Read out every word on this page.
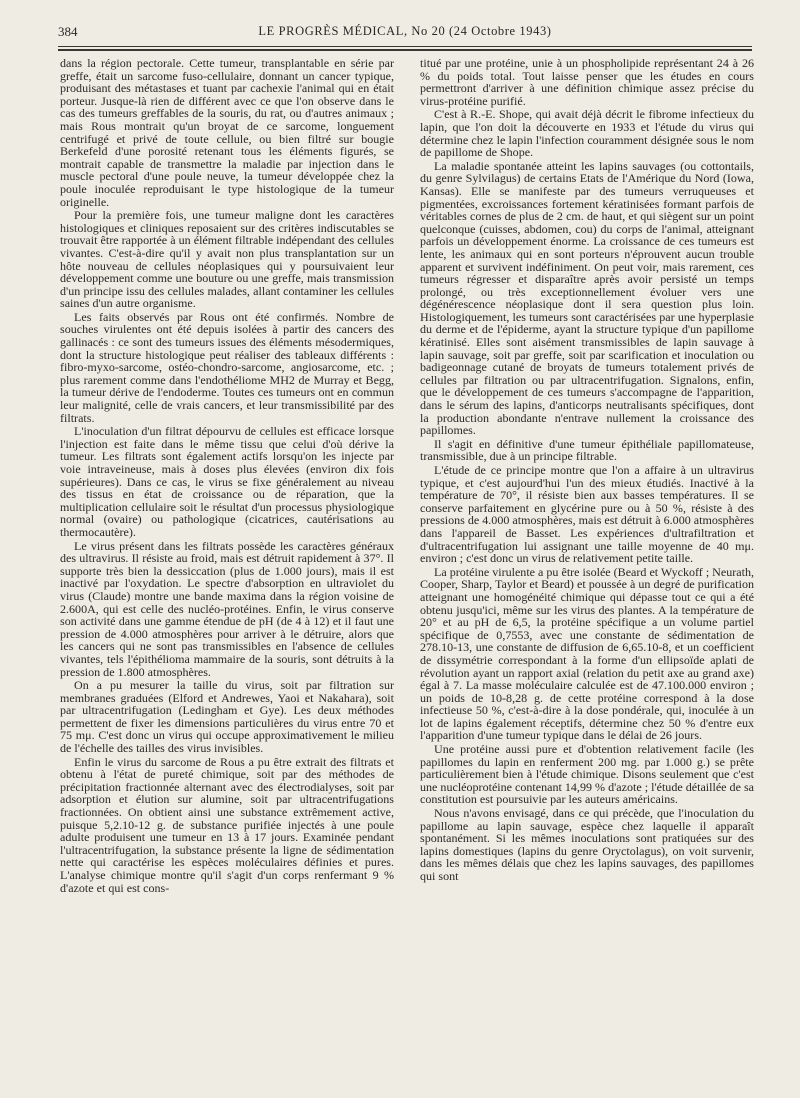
384	LE PROGRÈS MÉDICAL, No 20 (24 Octobre 1943)

dans la région pectorale. Cette tumeur, transplantable en série par greffe, était un sarcome fuso-cellulaire, donnant un cancer typique, produisant des métastases et tuant par cachexie l'animal qui en était porteur. Jusque-là rien de différent avec ce que l'on observe dans le cas des tumeurs greffables de la souris, du rat, ou d'autres animaux ; mais Rous montrait qu'un broyat de ce sarcome, longuement centrifugé et privé de toute cellule, ou bien filtré sur bougie Berkefeld d'une porosité retenant tous les éléments figurés, se montrait capable de transmettre la maladie par injection dans le muscle pectoral d'une poule neuve, la tumeur développée chez la poule inoculée reproduisant le type histologique de la tumeur originelle.

Pour la première fois, une tumeur maligne dont les caractères histologiques et cliniques reposaient sur des critères indiscutables se trouvait être rapportée à un élément filtrable indépendant des cellules vivantes. C'est-à-dire qu'il y avait non plus transplantation sur un hôte nouveau de cellules néoplasiques qui y poursuivaient leur développement comme une bouture ou une greffe, mais transmission d'un principe issu des cellules malades, allant contaminer les cellules saines d'un autre organisme.

Les faits observés par Rous ont été confirmés. Nombre de souches virulentes ont été depuis isolées à partir des cancers des gallinacés : ce sont des tumeurs issues des éléments mésodermiques, dont la structure histologique peut réaliser des tableaux différents : fibro-myxo-sarcome, ostéo-chondro-sarcome, angiosarcome, etc. ; plus rarement comme dans l'endothéliome MH2 de Murray et Begg, la tumeur dérive de l'endoderme. Toutes ces tumeurs ont en commun leur malignité, celle de vrais cancers, et leur transmissibilité par des filtrats.

L'inoculation d'un filtrat dépourvu de cellules est efficace lorsque l'injection est faite dans le même tissu que celui d'où dérive la tumeur. Les filtrats sont également actifs lorsqu'on les injecte par voie intraveineuse, mais à doses plus élevées (environ dix fois supérieures). Dans ce cas, le virus se fixe généralement au niveau des tissus en état de croissance ou de réparation, que la multiplication cellulaire soit le résultat d'un processus physiologique normal (ovaire) ou pathologique (cicatrices, cautérisations au thermocautère).

Le virus présent dans les filtrats possède les caractères généraux des ultravirus. Il résiste au froid, mais est détruit rapidement à 37°. Il supporte très bien la dessiccation (plus de 1.000 jours), mais il est inactivé par l'oxydation. Le spectre d'absorption en ultraviolet du virus (Claude) montre une bande maxima dans la région voisine de 2.600A, qui est celle des nucléo-protéines. Enfin, le virus conserve son activité dans une gamme étendue de pH (de 4 à 12) et il faut une pression de 4.000 atmosphères pour arriver à le détruire, alors que les cancers qui ne sont pas transmissibles en l'absence de cellules vivantes, tels l'épithélioma mammaire de la souris, sont détruits à la pression de 1.800 atmosphères.

On a pu mesurer la taille du virus, soit par filtration sur membranes graduées (Elford et Andrewes, Yaoi et Nakahara), soit par ultracentrifugation (Ledingham et Gye). Les deux méthodes permettent de fixer les dimensions particulières du virus entre 70 et 75 mμ. C'est donc un virus qui occupe approximativement le milieu de l'échelle des tailles des virus invisibles.

Enfin le virus du sarcome de Rous a pu être extrait des filtrats et obtenu à l'état de pureté chimique, soit par des méthodes de précipitation fractionnée alternant avec des électrodialyses, soit par adsorption et élution sur alumine, soit par ultracentrifugations fractionnées. On obtient ainsi une substance extrêmement active, puisque 5,2.10-12 g. de substance purifiée injectés à une poule adulte produisent une tumeur en 13 à 17 jours. Examinée pendant l'ultracentrifugation, la substance présente la ligne de sédimentation nette qui caractérise les espèces moléculaires définies et pures. L'analyse chimique montre qu'il s'agit d'un corps renfermant 9 % d'azote et qui est cons-

titué par une protéine, unie à un phospholipide représentant 24 à 26 % du poids total. Tout laisse penser que les études en cours permettront d'arriver à une définition chimique assez précise du virus-protéine purifié.

C'est à R.-E. Shope, qui avait déjà décrit le fibrome infectieux du lapin, que l'on doit la découverte en 1933 et l'étude du virus qui détermine chez le lapin l'infection couramment désignée sous le nom de papillome de Shope.

La maladie spontanée atteint les lapins sauvages (ou cottontails, du genre Sylvilagus) de certains Etats de l'Amérique du Nord (Iowa, Kansas). Elle se manifeste par des tumeurs verruqueuses et pigmentées, excroissances fortement kératinisées formant parfois de véritables cornes de plus de 2 cm. de haut, et qui siègent sur un point quelconque (cuisses, abdomen, cou) du corps de l'animal, atteignant parfois un développement énorme. La croissance de ces tumeurs est lente, les animaux qui en sont porteurs n'éprouvent aucun trouble apparent et survivent indéfiniment. On peut voir, mais rarement, ces tumeurs régresser et disparaître après avoir persisté un temps prolongé, ou très exceptionnellement évoluer vers une dégénérescence néoplasique dont il sera question plus loin. Histologiquement, les tumeurs sont caractérisées par une hyperplasie du derme et de l'épiderme, ayant la structure typique d'un papillome kératinisé. Elles sont aisément transmissibles de lapin sauvage à lapin sauvage, soit par greffe, soit par scarification et inoculation ou badigeonnage cutané de broyats de tumeurs totalement privés de cellules par filtration ou par ultracentrifugation. Signalons, enfin, que le développement de ces tumeurs s'accompagne de l'apparition, dans le sérum des lapins, d'anticorps neutralisants spécifiques, dont la production abondante n'entrave nullement la croissance des papillomes.

Il s'agit en définitive d'une tumeur épithéliale papillomateuse, transmissible, due à un principe filtrable.

L'étude de ce principe montre que l'on a affaire à un ultravirus typique, et c'est aujourd'hui l'un des mieux étudiés. Inactivé à la température de 70°, il résiste bien aux basses températures. Il se conserve parfaitement en glycérine pure ou à 50 %, résiste à des pressions de 4.000 atmosphères, mais est détruit à 6.000 atmosphères dans l'appareil de Basset. Les expériences d'ultrafiltration et d'ultracentrifugation lui assignant une taille moyenne de 40 mμ. environ ; c'est donc un virus de relativement petite taille.

La protéine virulente a pu être isolée (Beard et Wyckoff ; Neurath, Cooper, Sharp, Taylor et Beard) et poussée à un degré de purification atteignant une homogénéité chimique qui dépasse tout ce qui a été obtenu jusqu'ici, même sur les virus des plantes. A la température de 20° et au pH de 6,5, la protéine spécifique a un volume partiel spécifique de 0,7553, avec une constante de sédimentation de 278.10-13, une constante de diffusion de 6,65.10-8, et un coefficient de dissymétrie correspondant à la forme d'un ellipsoïde aplati de révolution ayant un rapport axial (relation du petit axe au grand axe) égal à 7. La masse moléculaire calculée est de 47.100.000 environ ; un poids de 10-8,28 g. de cette protéine correspond à la dose infectieuse 50 %, c'est-à-dire à la dose pondérale, qui, inoculée à un lot de lapins également réceptifs, détermine chez 50 % d'entre eux l'apparition d'une tumeur typique dans le délai de 26 jours.

Une protéine aussi pure et d'obtention relativement facile (les papillomes du lapin en renferment 200 mg. par 1.000 g.) se prête particulièrement bien à l'étude chimique. Disons seulement que c'est une nucléoprotéine contenant 14,99 % d'azote ; l'étude détaillée de sa constitution est poursuivie par les auteurs américains.

Nous n'avons envisagé, dans ce qui précède, que l'inoculation du papillome au lapin sauvage, espèce chez laquelle il apparaît spontanément. Si les mêmes inoculations sont pratiquées sur des lapins domestiques (lapins du genre Oryctolagus), on voit survenir, dans les mêmes délais que chez les lapins sauvages, des papillomes qui sont
